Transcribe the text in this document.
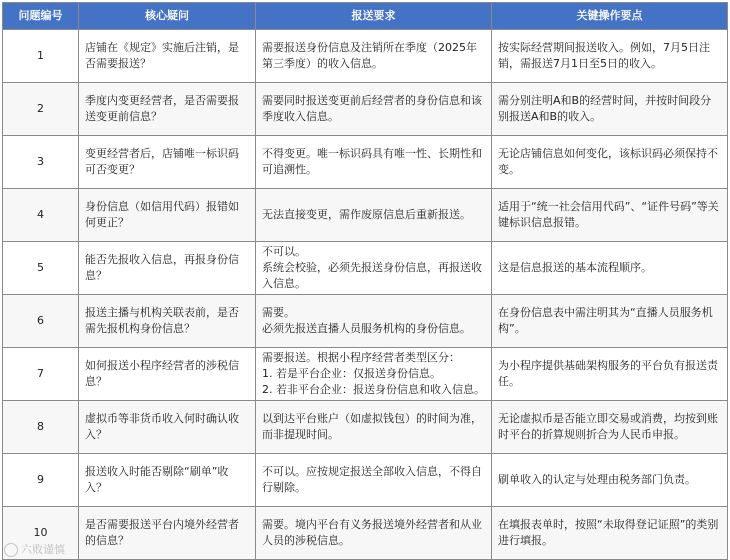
问题编号	核心疑问	报送要求	关键操作要点

1	店铺在《规定》实施后注销，是否需要报送？	需要报送身份信息及注销所在季度（2025年第三季度）的收入信息。	按实际经营期间报送收入。例如，7月5日注销，需报送7月1日至5日的收入。

2	季度内变更经营者，是否需要报送变更前信息？	需要同时报送变更前后经营者的身份信息和该季度收入信息。	需分别注明A和B的经营时间，并按时间段分别报送A和B的收入。

3	变更经营者后，店铺唯一标识码可否变更？	不得变更。唯一标识码具有唯一性、长期性和可追溯性。	无论店铺信息如何变化，该标识码必须保持不变。

4	身份信息（如信用代码）报错如何更正？	无法直接变更，需作废原信息后重新报送。	适用于“统一社会信用代码”、“证件号码”等关键标识信息报错。

5	能否先报收入信息，再报身份信息？	不可以。
系统会校验，必须先报送身份信息，再报送收入信息。	这是信息报送的基本流程顺序。

6	报送主播与机构关联表前，是否需先报机构身份信息？	需要。
必须先报送直播人员服务机构的身份信息。	在身份信息表中需注明其为“直播人员服务机构”。

7	如何报送小程序经营者的涉税信息？	需要报送。根据小程序经营者类型区分：
1. 若是平台企业：仅报送身份信息。
2. 若非平台企业：报送身份信息和收入信息。	为小程序提供基础架构服务的平台负有报送责任。

8	虚拟币等非货币收入何时确认收入？	以到达平台账户（如虚拟钱包）的时间为准，而非提现时间。	无论虚拟币是否能立即交易或消费，均按到账时平台的折算规则折合为人民币申报。

9	报送收入时能否剔除“刷单”收入？	不可以。应按规定报送全部收入信息，不得自行剔除。	刷单收入的认定与处理由税务部门负责。

10	是否需要报送平台内境外经营者的信息？	需要。境内平台有义务报送境外经营者和从业人员的涉税信息。	在填报表单时，按照“未取得登记证照”的类别进行填报。
六败谨慎
